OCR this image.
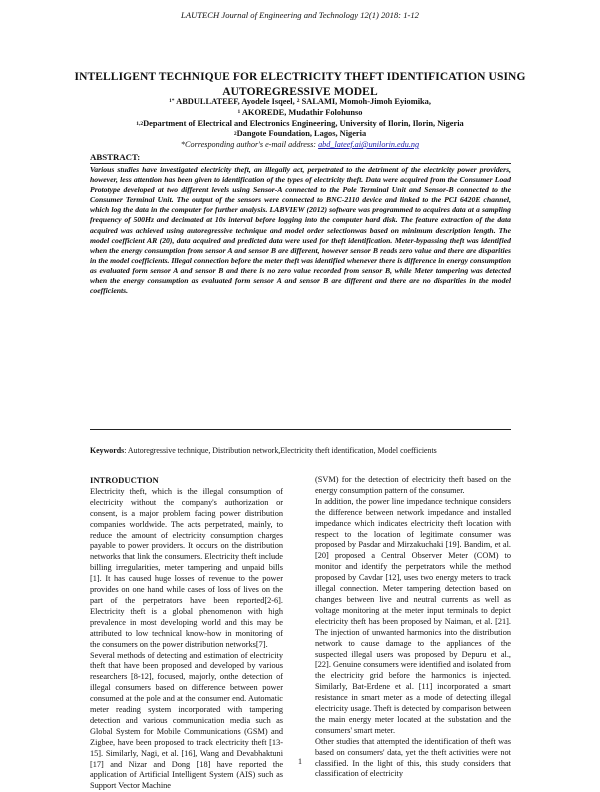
LAUTECH Journal of Engineering and Technology 12(1) 2018: 1-12
INTELLIGENT TECHNIQUE FOR ELECTRICITY THEFT IDENTIFICATION USING AUTOREGRESSIVE MODEL
$^{1*}$ ABDULLATEEF, Ayodele Isqeel, $^2$ SALAMI, Momoh-Jimoh Eyiomika,
$^1$ AKOREDE, Mudathir Folohunso
$^{1,2}$Department of Electrical and Electronics Engineering, University of Ilorin, Ilorin, Nigeria
$^2$Dangote Foundation, Lagos, Nigeria
*Corresponding author's e-mail address: abd_lateef.ai@unilorin.edu.ng
ABSTRACT:
Various studies have investigated electricity theft, an illegally act, perpetrated to the detriment of the electricity power providers, however, less attention has been given to identification of the types of electricity theft. Data were acquired from the Consumer Load Prototype developed at two different levels using Sensor-A connected to the Pole Terminal Unit and Sensor-B connected to the Consumer Terminal Unit. The output of the sensors were connected to BNC-2110 device and linked to the PCI 6420E channel, which log the data in the computer for further analysis. LABVIEW (2012) software was programmed to acquires data at a sampling frequency of 500Hz and decimated at 10s interval before logging into the computer hard disk. The feature extraction of the data acquired was achieved using autoregressive technique and model order selectionwas based on minimum description length. The model coefficient AR (20), data acquired and predicted data were used for theft identification. Meter-bypassing theft was identified when the energy consumption from sensor A and sensor B are different, however sensor B reads zero value and there are disparities in the model coefficients. Illegal connection before the meter theft was identified whenever there is difference in energy consumption as evaluated form sensor A and sensor B and there is no zero value recorded from sensor B, while Meter tampering was detected when the energy consumption as evaluated form sensor A and sensor B are different and there are no disparities in the model coefficients.
Keywords: Autoregressive technique, Distribution network,Electricity theft identification, Model coefficients
INTRODUCTION

Electricity theft, which is the illegal consumption of electricity without the company's authorization or consent, is a major problem facing power distribution companies worldwide. The acts perpetrated, mainly, to reduce the amount of electricity consumption charges payable to power providers. It occurs on the distribution networks that link the consumers. Electricity theft include billing irregularities, meter tampering and unpaid bills [1]. It has caused huge losses of revenue to the power provides on one hand while cases of loss of lives on the part of the perpetrators have been reported[2-6]. Electricity theft is a global phenomenon with high prevalence in most developing world and this may be attributed to low technical know-how in monitoring of the consumers on the power distribution networks[7].

Several methods of detecting and estimation of electricity theft that have been proposed and developed by various researchers [8-12], focused, majorly, onthe detection of illegal consumers based on difference between power consumed at the pole and at the consumer end. Automatic meter reading system incorporated with tampering detection and various communication media such as Global System for Mobile Communications (GSM) and Zigbee, have been proposed to track electricity theft [13-15]. Similarly, Nagi, et al. [16], Wang and Devabhaktuni [17] and Nizar and Dong [18] have reported the application of Artificial Intelligent System (AIS) such as Support Vector Machine

(SVM) for the detection of electricity theft based on the energy consumption pattern of the consumer.

In addition, the power line impedance technique considers the difference between network impedance and installed impedance which indicates electricity theft location with respect to the location of legitimate consumer was proposed by Pasdar and Mirzakuchaki [19]. Bandim, et al.[20] proposed a Central Observer Meter (COM) to monitor and identify the perpetrators while the method proposed by Cavdar [12], uses two energy meters to track illegal connection. Meter tampering detection based on changes between live and neutral currents as well as voltage monitoring at the meter input terminals to depict electricity theft has been proposed by Naiman, et al. [21]. The injection of unwanted harmonics into the distribution network to cause damage to the appliances of the suspected illegal users was proposed by Depuru et al., [22]. Genuine consumers were identified and isolated from the electricity grid before the harmonics is injected. Similarly, Bat-Erdene et al. [11] incorporated a smart resistance in smart meter as a mode of detecting illegal electricity usage. Theft is detected by comparison between the main energy meter located at the substation and the consumers' smart meter.

Other studies that attempted the identification of theft was based on consumers' data, yet the theft activities were not classified. In the light of this, this study considers that classification of electricity

1
